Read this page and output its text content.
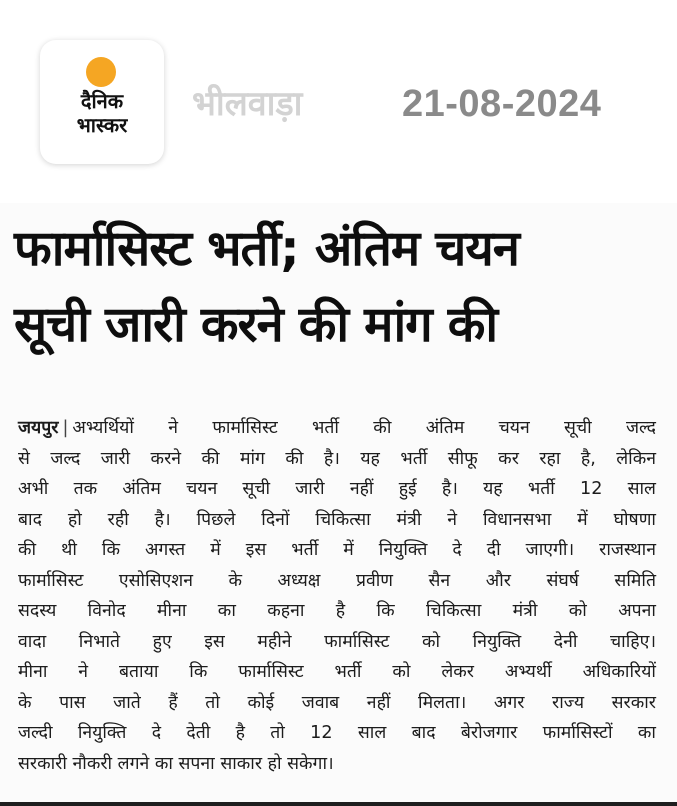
दैनिक
भास्कर
भीलवाड़ा	21-08-2024
फार्मासिस्ट भर्ती; अंतिम चयन
सूची जारी करने की मांग की
जयपुर | अभ्यर्थियों ने फार्मासिस्ट भर्ती की अंतिम चयन सूची जल्द
से जल्द जारी करने की मांग की है। यह भर्ती सीफू कर रहा है, लेकिन
अभी तक अंतिम चयन सूची जारी नहीं हुई है। यह भर्ती 12 साल
बाद हो रही है। पिछले दिनों चिकित्सा मंत्री ने विधानसभा में घोषणा
की थी कि अगस्त में इस भर्ती में नियुक्ति दे दी जाएगी। राजस्थान
फार्मासिस्ट एसोसिएशन के अध्यक्ष प्रवीण सैन और संघर्ष समिति
सदस्य विनोद मीना का कहना है कि चिकित्सा मंत्री को अपना
वादा निभाते हुए इस महीने फार्मासिस्ट को नियुक्ति देनी चाहिए।
मीना ने बताया कि फार्मासिस्ट भर्ती को लेकर अभ्यर्थी अधिकारियों
के पास जाते हैं तो कोई जवाब नहीं मिलता। अगर राज्य सरकार
जल्दी नियुक्ति दे देती है तो 12 साल बाद बेरोजगार फार्मासिस्टों का
सरकारी नौकरी लगने का सपना साकार हो सकेगा।
